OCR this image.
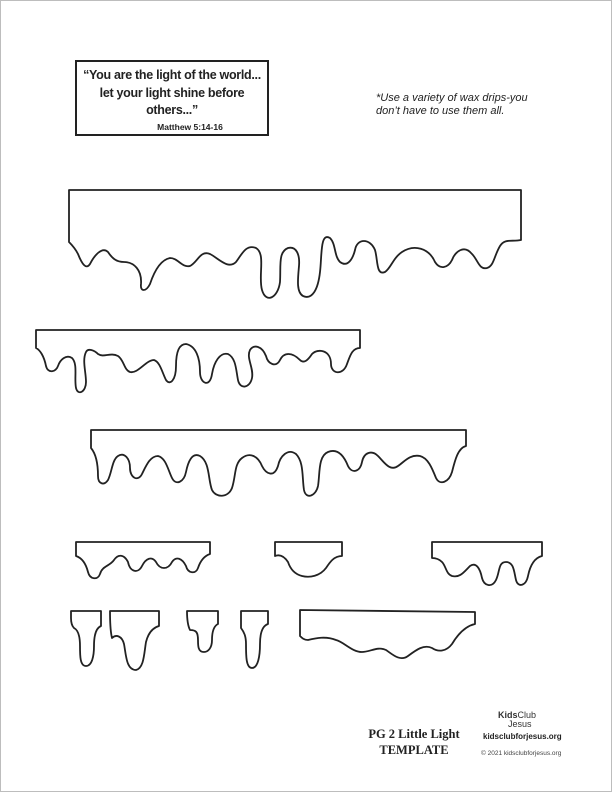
“You are the light of the world...
let your light shine before
others...”
Matthew 5:14-16
*Use a variety of wax drips-you
don’t have to use them all.
PG 2 Little Light
TEMPLATE
KidsClub
Jesus
kidsclubforjesus.org
© 2021 kidsclubforjesus.org
